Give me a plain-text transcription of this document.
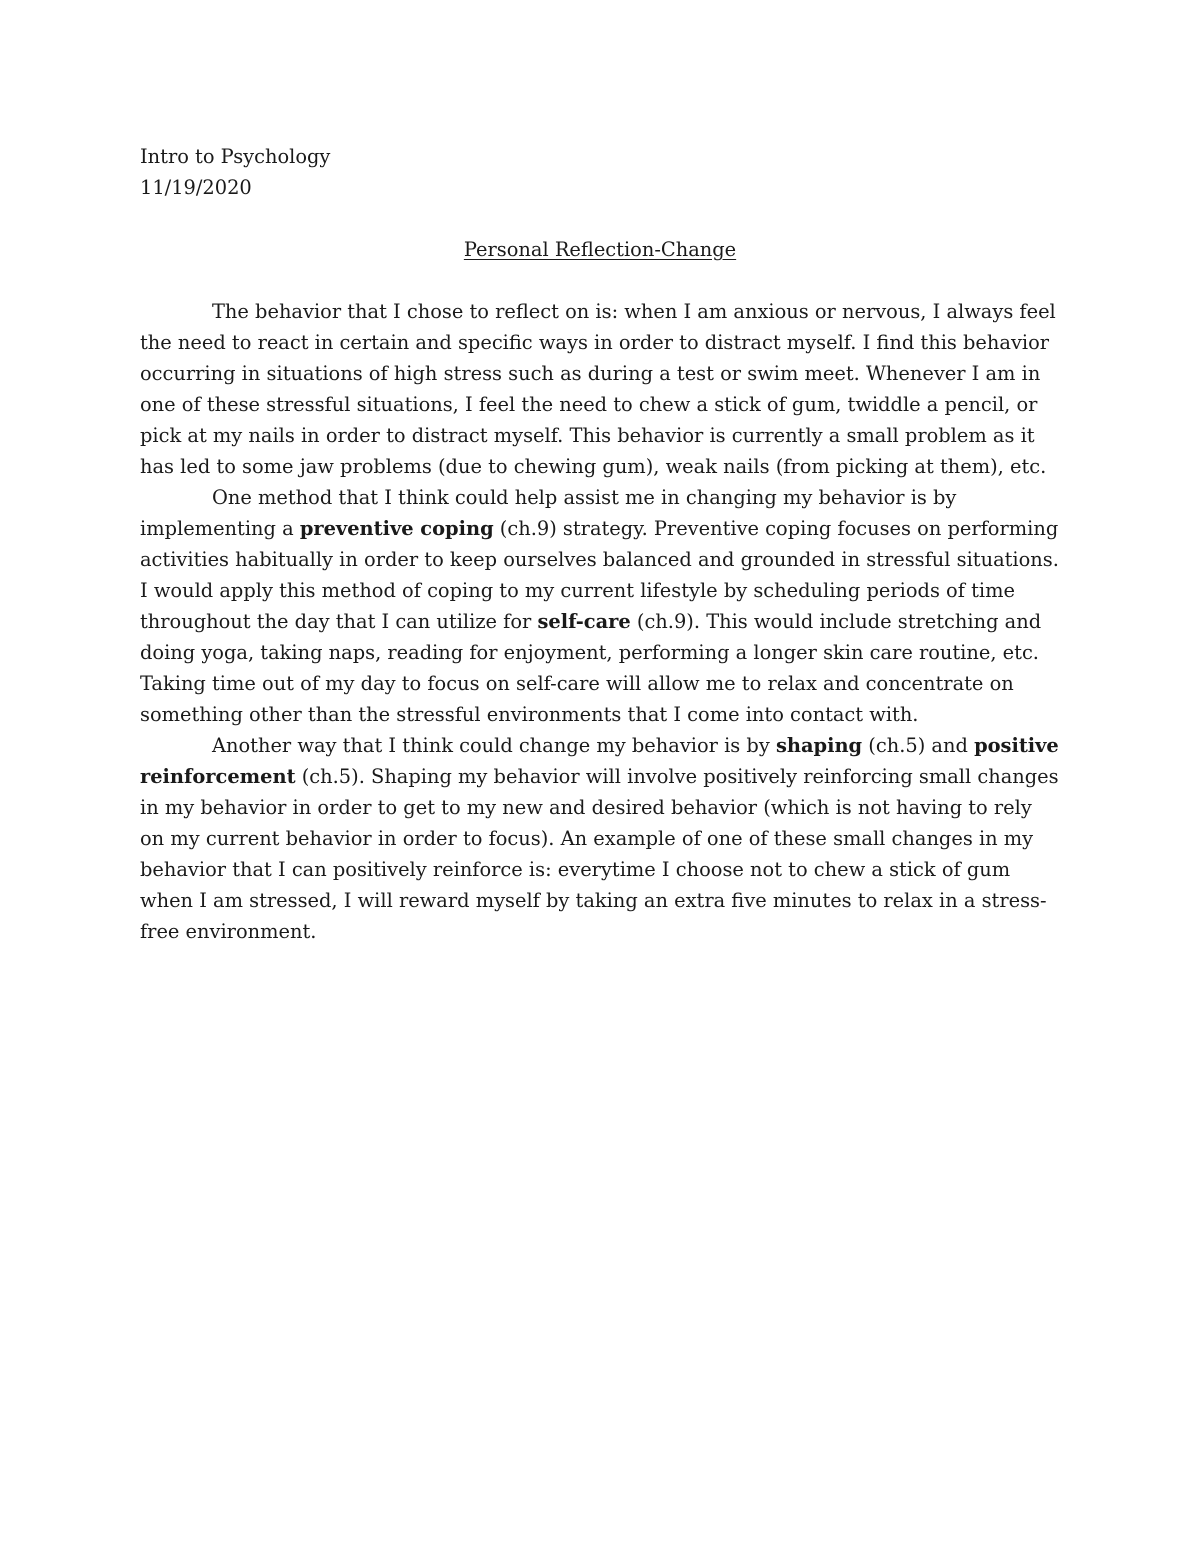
Intro to Psychology

11/19/2020

Personal Reflection-Change

The behavior that I chose to reflect on is: when I am anxious or nervous, I always feel the need to react in certain and specific ways in order to distract myself. I find this behavior occurring in situations of high stress such as during a test or swim meet. Whenever I am in one of these stressful situations, I feel the need to chew a stick of gum, twiddle a pencil, or pick at my nails in order to distract myself. This behavior is currently a small problem as it has led to some jaw problems (due to chewing gum), weak nails (from picking at them), etc.

One method that I think could help assist me in changing my behavior is by implementing a preventive coping (ch.9) strategy. Preventive coping focuses on performing activities habitually in order to keep ourselves balanced and grounded in stressful situations. I would apply this method of coping to my current lifestyle by scheduling periods of time throughout the day that I can utilize for self-care (ch.9). This would include stretching and doing yoga, taking naps, reading for enjoyment, performing a longer skin care routine, etc. Taking time out of my day to focus on self-care will allow me to relax and concentrate on something other than the stressful environments that I come into contact with.

Another way that I think could change my behavior is by shaping (ch.5) and positive reinforcement (ch.5). Shaping my behavior will involve positively reinforcing small changes in my behavior in order to get to my new and desired behavior (which is not having to rely on my current behavior in order to focus). An example of one of these small changes in my behavior that I can positively reinforce is: everytime I choose not to chew a stick of gum when I am stressed, I will reward myself by taking an extra five minutes to relax in a stress-free environment.
